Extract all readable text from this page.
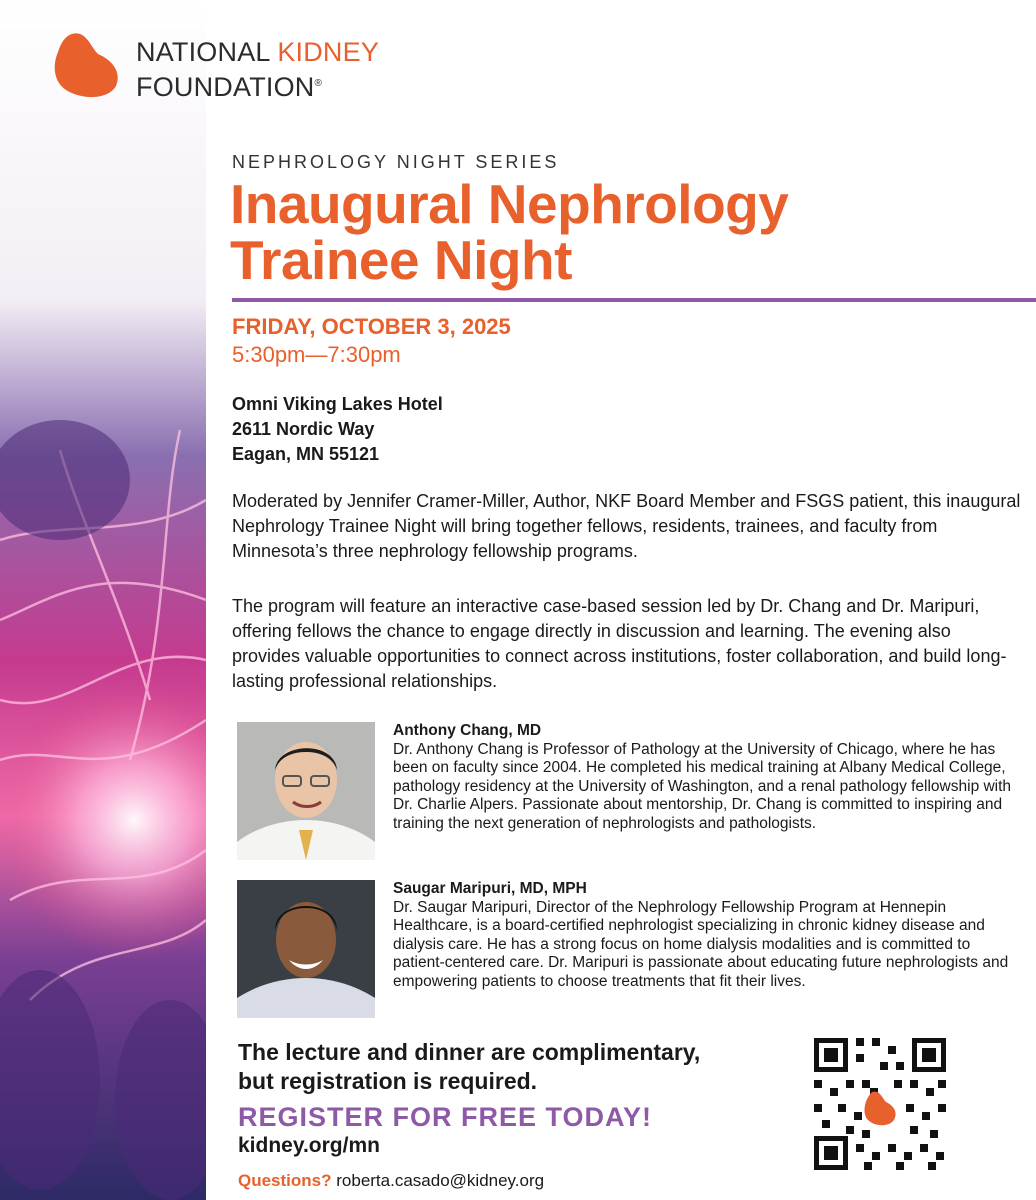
NATIONAL KIDNEY
FOUNDATION®
NEPHROLOGY NIGHT SERIES
Inaugural Nephrology
Trainee Night
FRIDAY, OCTOBER 3, 2025
5:30pm—7:30pm
Omni Viking Lakes Hotel
2611 Nordic Way
Eagan, MN 55121
Moderated by Jennifer Cramer-Miller, Author, NKF Board Member and FSGS patient, this inaugural Nephrology Trainee Night will bring together fellows, residents, trainees, and faculty from Minnesota’s three nephrology fellowship programs.
The program will feature an interactive case-based session led by Dr. Chang and Dr. Maripuri, offering fellows the chance to engage directly in discussion and learning. The evening also provides valuable opportunities to connect across institutions, foster collaboration, and build long-lasting professional relationships.
Anthony Chang, MD
Dr. Anthony Chang is Professor of Pathology at the University of Chicago, where he has been on faculty since 2004. He completed his medical training at Albany Medical College, pathology residency at the University of Washington, and a renal pathology fellowship with Dr. Charlie Alpers. Passionate about mentorship, Dr. Chang is committed to inspiring and training the next generation of nephrologists and pathologists.
Saugar Maripuri, MD, MPH
Dr. Saugar Maripuri, Director of the Nephrology Fellowship Program at Hennepin Healthcare, is a board-certified nephrologist specializing in chronic kidney disease and dialysis care. He has a strong focus on home dialysis modalities and is committed to patient-centered care. Dr. Maripuri is passionate about educating future nephrologists and empowering patients to choose treatments that fit their lives.
The lecture and dinner are complimentary,
but registration is required.
REGISTER FOR FREE TODAY!
kidney.org/mn
Questions? roberta.casado@kidney.org
